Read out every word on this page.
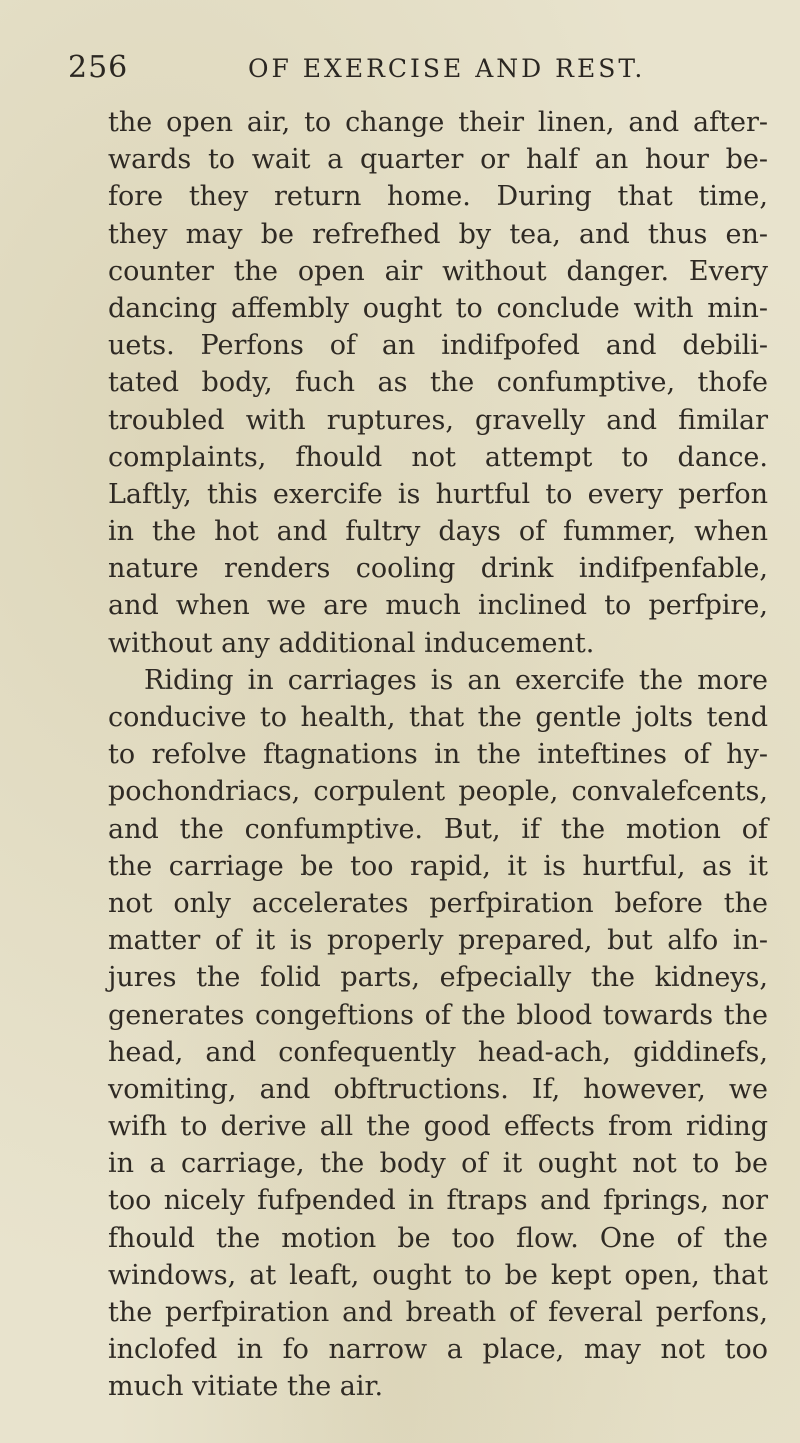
256	OF EXERCISE AND REST.
the open air, to change their linen, and after-
wards to wait a quarter or half an hour be-
fore they return home. During that time,
they may be refrefhed by tea, and thus en-
counter the open air without danger. Every
dancing affembly ought to conclude with min-
uets. Perfons of an indifpofed and debili-
tated body, fuch as the confumptive, thofe
troubled with ruptures, gravelly and fimilar
complaints, fhould not attempt to dance.
Laftly, this exercife is hurtful to every perfon
in the hot and fultry days of fummer, when
nature renders cooling drink indifpenfable,
and when we are much inclined to perfpire,
without any additional inducement.
Riding in carriages is an exercife the more
conducive to health, that the gentle jolts tend
to refolve ftagnations in the inteftines of hy-
pochondriacs, corpulent people, convalefcents,
and the confumptive. But, if the motion of
the carriage be too rapid, it is hurtful, as it
not only accelerates perfpiration before the
matter of it is properly prepared, but alfo in-
jures the folid parts, efpecially the kidneys,
generates congeftions of the blood towards the
head, and confequently head-ach, giddinefs,
vomiting, and obftructions. If, however, we
wifh to derive all the good effects from riding
in a carriage, the body of it ought not to be
too nicely fufpended in ftraps and fprings, nor
fhould the motion be too flow. One of the
windows, at leaft, ought to be kept open, that
the perfpiration and breath of feveral perfons,
inclofed in fo narrow a place, may not too
much vitiate the air.
